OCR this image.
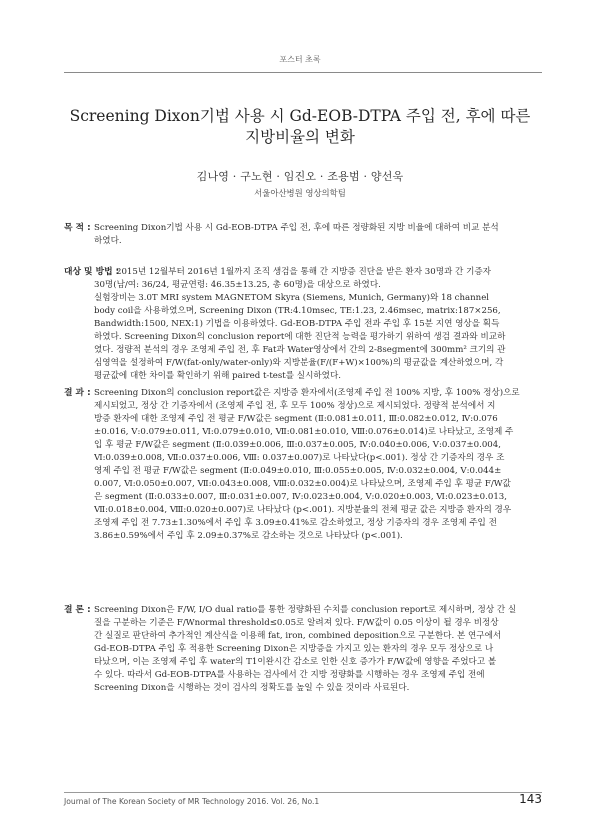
포스터 초록
Screening Dixon기법 사용 시 Gd-EOB-DTPA 주입 전, 후에 따른
지방비율의 변화
김나영 · 구노현 · 임진오 · 조용범 · 양선욱
서울아산병원 영상의학팀
목 적 : Screening Dixon기법 사용 시 Gd-EOB-DTPA 주입 전, 후에 따른 정량화된 지방 비율에 대하여 비교 분석
하였다.
대상 및 방법 :
2015년 12월부터 2016년 1월까지 조직 생검을 통해 간 지방증 진단을 받은 환자 30명과 간 기증자
30명(남/여: 36/24, 평균연령: 46.35±13.25, 총 60명)을 대상으로 하였다.
실험장비는 3.0T MRI system MAGNETOM Skyra (Siemens, Munich, Germany)와 18 channel
body coil을 사용하였으며, Screening Dixon (TR:4.10msec, TE:1.23, 2.46msec, matrix:187×256,
Bandwidth:1500, NEX:1) 기법을 이용하였다. Gd-EOB-DTPA 주입 전과 주입 후 15분 지연 영상을 획득
하였다. Screening Dixon의 conclusion report에 대한 진단적 능력을 평가하기 위하여 생검 결과와 비교하
였다. 정량적 분석의 경우 조영제 주입 전, 후 Fat과 Water영상에서 간의 2-8segment에 300mm² 크기의 관
심영역을 설정하여 F/W(fat-only/water-only)와 지방분율(F/(F+W)×100%)의 평균값을 계산하였으며, 각
평균값에 대한 차이를 확인하기 위해 paired t-test를 실시하였다.
결 과 : Screening Dixon의 conclusion report값은 지방증 환자에서(조영제 주입 전 100% 지방, 후 100% 정상)으로
제시되었고, 정상 간 기증자에서 (조영제 주입 전, 후 모두 100% 정상)으로 제시되었다. 정량적 분석에서 지
방증 환자에 대한 조영제 주입 전 평균 F/W값은 segment (Ⅱ:0.081±0.011, Ⅲ:0.082±0.012, Ⅳ:0.076
±0.016, Ⅴ:0.079±0.011, Ⅵ:0.079±0.010, Ⅶ:0.081±0.010, Ⅷ:0.076±0.014)로 나타났고, 조영제 주
입 후 평균 F/W값은 segment (Ⅱ:0.039±0.006, Ⅲ:0.037±0.005, Ⅳ:0.040±0.006, Ⅴ:0.037±0.004,
Ⅵ:0.039±0.008, Ⅶ:0.037±0.006, Ⅷ: 0.037±0.007)로 나타났다(p<.001). 정상 간 기증자의 경우 조
영제 주입 전 평균 F/W값은 segment (Ⅱ:0.049±0.010, Ⅲ:0.055±0.005, Ⅳ:0.032±0.004, Ⅴ:0.044±
0.007, Ⅵ:0.050±0.007, Ⅶ:0.043±0.008, Ⅷ:0.032±0.004)로 나타났으며, 조영제 주입 후 평균 F/W값
은 segment (Ⅱ:0.033±0.007, Ⅲ:0.031±0.007, Ⅳ:0.023±0.004, Ⅴ:0.020±0.003, Ⅵ:0.023±0.013,
Ⅶ:0.018±0.004, Ⅷ:0.020±0.007)로 나타났다 (p<.001). 지방분율의 전체 평균 값은 지방증 환자의 경우
조영제 주입 전 7.73±1.30%에서 주입 후 3.09±0.41%로 감소하였고, 정상 기증자의 경우 조영제 주입 전
3.86±0.59%에서 주입 후 2.09±0.37%로 감소하는 것으로 나타났다 (p<.001).
결 론 : Screening Dixon은 F/W, I/O dual ratio를 통한 정량화된 수치를 conclusion report로 제시하며, 정상 간 실
질을 구분하는 기준은 F/Wnormal threshold≤0.05로 알려져 있다. F/W값이 0.05 이상이 될 경우 비정상
간 실질로 판단하여 추가적인 계산식을 이용해 fat, iron, combined deposition으로 구분한다. 본 연구에서
Gd-EOB-DTPA 주입 후 적용한 Screening Dixon은 지방증을 가지고 있는 환자의 경우 모두 정상으로 나
타났으며, 이는 조영제 주입 후 water의 T1이완시간 감소로 인한 신호 증가가 F/W값에 영향을 주었다고 볼
수 있다. 따라서 Gd-EOB-DTPA를 사용하는 검사에서 간 지방 정량화를 시행하는 경우 조영제 주입 전에
Screening Dixon을 시행하는 것이 검사의 정확도를 높일 수 있을 것이라 사료된다.
Journal of The Korean Society of MR Technology 2016. Vol. 26, No.1	143
